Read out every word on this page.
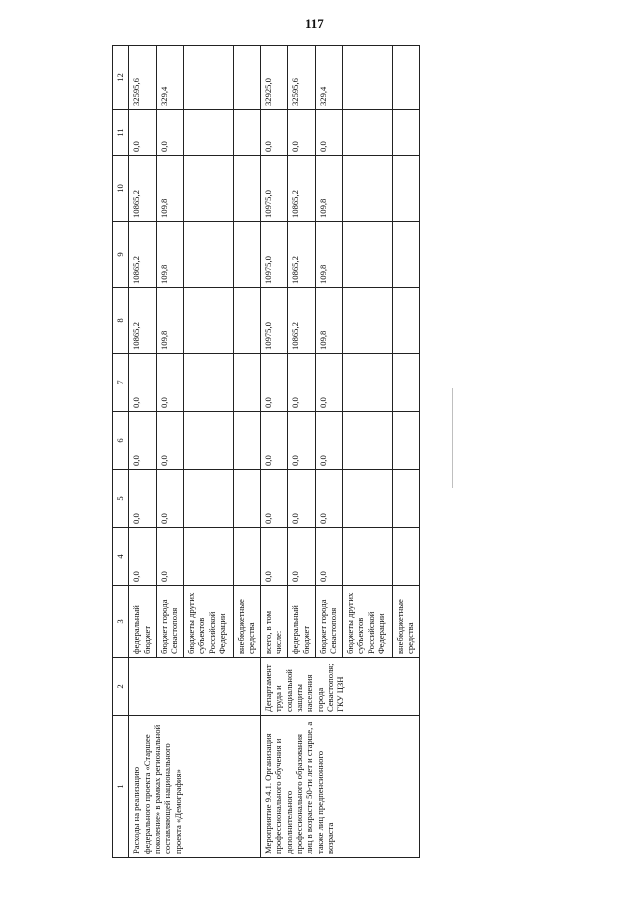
117
1	2	3	4	5	6	7	8	9	10	11	12
Расходы на реализацию федерального проекта «Старшее поколение» в рамках региональной составляющей национального проекта «Демография»		федеральный бюджет	0,0	0,0	0,0	0,0	10865,2	10865,2	10865,2	0,0	32595,6
		бюджет города Севастополя	0,0	0,0	0,0	0,0	109,8	109,8	109,8	0,0	329,4
		бюджеты других субъектов Российской Федерации									
		внебюджетные средства									
Мероприятие 9.4.1. Организация профессионального обучения и дополнительного профессионального образования лиц в возрасте 50-ти лет и старше, а также лиц предпенсионного возраста	Департамент труда и социальной защиты населения города Севастополя; ГКУ ЦЗН	всего, в том числе:	0,0	0,0	0,0	0,0	10975,0	10975,0	10975,0	0,0	32925,0
		федеральный бюджет	0,0	0,0	0,0	0,0	10865,2	10865,2	10865,2	0,0	32595,6
		бюджет города Севастополя	0,0	0,0	0,0	0,0	109,8	109,8	109,8	0,0	329,4
		бюджеты других субъектов Российской Федерации									
		внебюджетные средства									
